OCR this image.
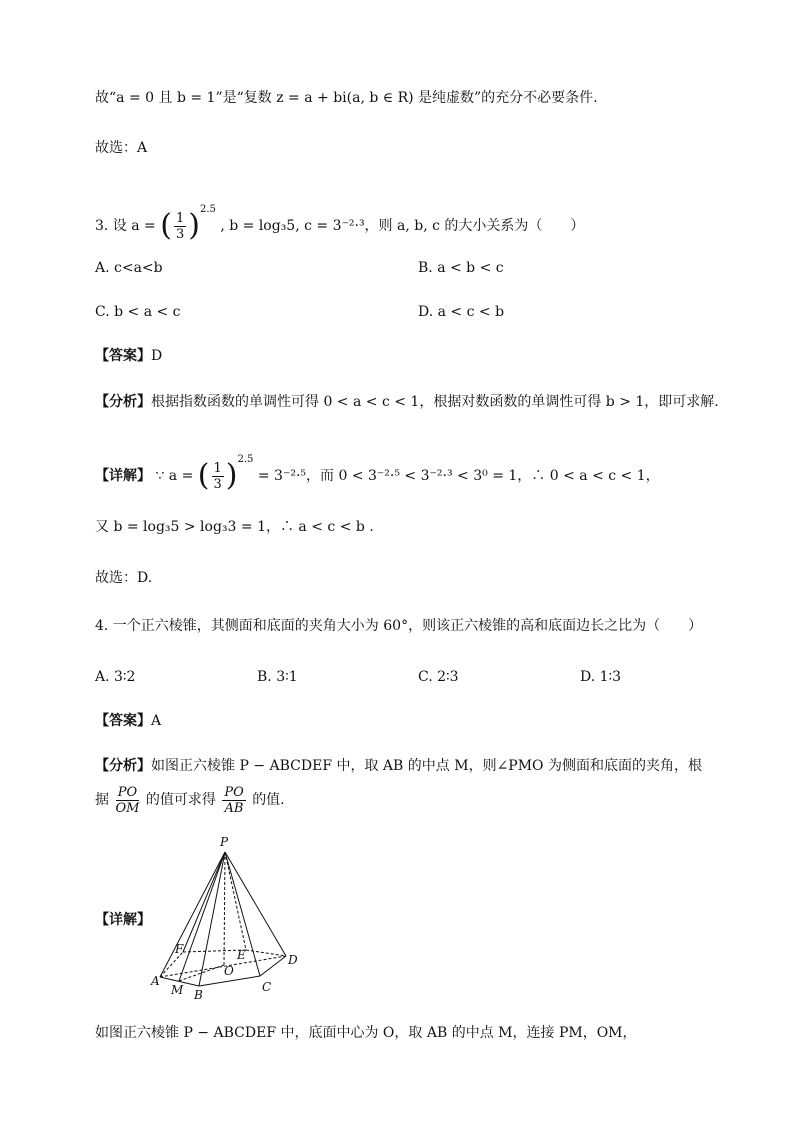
故“a = 0 且 b = 1”是“复数 z = a + bi(a, b ∈ R) 是纯虚数”的充分不必要条件.
故选：A
3. 设 a = ( $\frac{1}{3} )^{2.5}$ , b = log₃5, c = 3⁻²·³，则 a, b, c 的大小关系为（　　）
A. c<a<b	B. a < b < c
C. b < a < c	D. a < c < b
【答案】D
【分析】根据指数函数的单调性可得 0 < a < c < 1，根据对数函数的单调性可得 b > 1，即可求解.
【详解】 ∵ a = ( $\frac{1}{3} )^{2.5} = 3^{-2}\cdot^5$，而 0 < 3⁻²·⁵ < 3⁻²·³ < 3⁰ = 1，∴ 0 < a < c < 1，
又 b = log₃5 > log₃3 = 1，∴ a < c < b .
故选：D.
4. 一个正六棱锥，其侧面和底面的夹角大小为 60°，则该正六棱锥的高和底面边长之比为（　　）
A. 3∶2	B. 3∶1	C. 2∶3	D. 1∶3
【答案】A
【分析】如图正六棱锥 P − ABCDEF 中，取 AB 的中点 M，则∠PMO 为侧面和底面的夹角，根
据 $\frac{PO}{OM}$ 的值可求得 $\frac{PO}{AB}$ 的值.
【详解】
P
A
M B
C
D
E
F
O
如图正六棱锥 P − ABCDEF 中，底面中心为 O，取 AB 的中点 M，连接 PM，OM，
